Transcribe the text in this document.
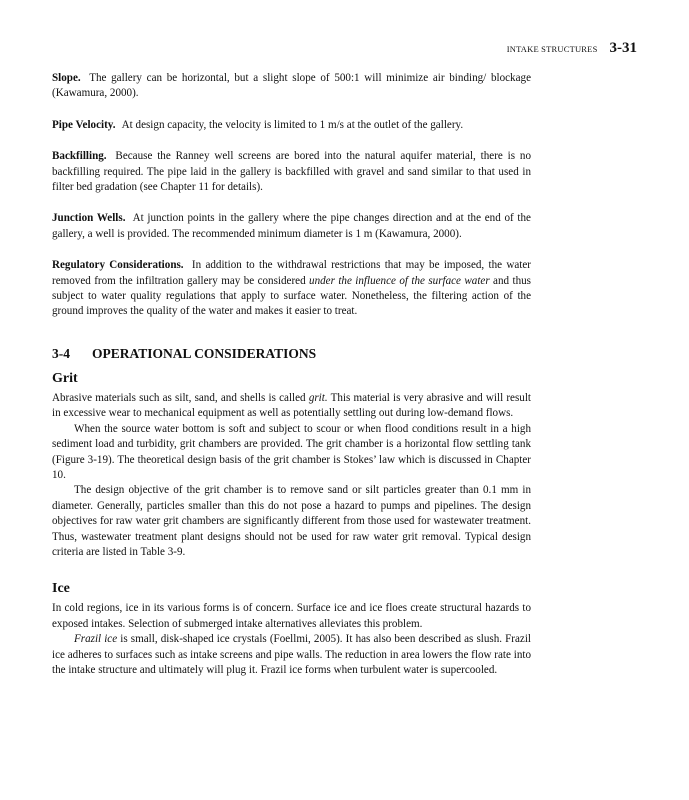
INTAKE STRUCTURES 3-31

Slope. The gallery can be horizontal, but a slight slope of 500:1 will minimize air binding/ blockage (Kawamura, 2000).

Pipe Velocity. At design capacity, the velocity is limited to 1 m/s at the outlet of the gallery.

Backfilling. Because the Ranney well screens are bored into the natural aquifer material, there is no backfilling required. The pipe laid in the gallery is backfilled with gravel and sand similar to that used in filter bed gradation (see Chapter 11 for details).

Junction Wells. At junction points in the gallery where the pipe changes direction and at the end of the gallery, a well is provided. The recommended minimum diameter is 1 m (Kawamura, 2000).

Regulatory Considerations. In addition to the withdrawal restrictions that may be imposed, the water removed from the infiltration gallery may be considered under the influence of the surface water and thus subject to water quality regulations that apply to surface water. Nonetheless, the filtering action of the ground improves the quality of the water and makes it easier to treat.

3-4	OPERATIONAL CONSIDERATIONS
Grit

Abrasive materials such as silt, sand, and shells is called grit. This material is very abrasive and will result in excessive wear to mechanical equipment as well as potentially settling out during low-demand flows.

When the source water bottom is soft and subject to scour or when flood conditions result in a high sediment load and turbidity, grit chambers are provided. The grit chamber is a horizontal flow settling tank (Figure 3-19). The theoretical design basis of the grit chamber is Stokes’ law which is discussed in Chapter 10.

The design objective of the grit chamber is to remove sand or silt particles greater than 0.1 mm in diameter. Generally, particles smaller than this do not pose a hazard to pumps and pipelines. The design objectives for raw water grit chambers are significantly different from those used for wastewater treatment. Thus, wastewater treatment plant designs should not be used for raw water grit removal. Typical design criteria are listed in Table 3-9.

Ice

In cold regions, ice in its various forms is of concern. Surface ice and ice floes create structural hazards to exposed intakes. Selection of submerged intake alternatives alleviates this problem.

Frazil ice is small, disk-shaped ice crystals (Foellmi, 2005). It has also been described as slush. Frazil ice adheres to surfaces such as intake screens and pipe walls. The reduction in area lowers the flow rate into the intake structure and ultimately will plug it. Frazil ice forms when turbulent water is supercooled.
